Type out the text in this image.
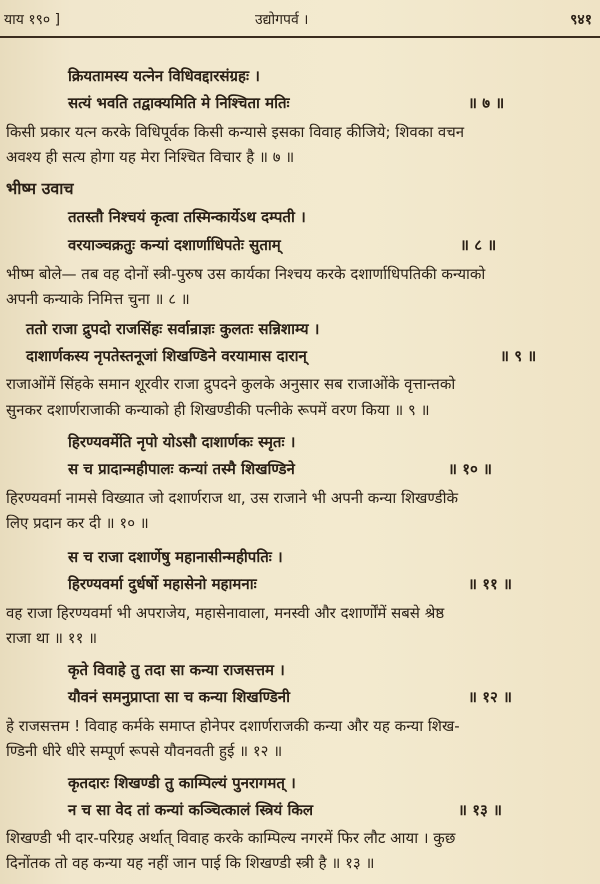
याय १९० ]	उद्योगपर्व ।	९४१
क्रियतामस्य यत्नेन विधिवद्दारसंग्रहः ।
सत्यं भवति तद्वाक्यमिति मे निश्चिता मतिः	॥ ७ ॥
किसी प्रकार यत्न करके विधिपूर्वक किसी कन्यासे इसका विवाह कीजिये; शिवका वचन
अवश्य ही सत्य होगा यह मेरा निश्चित विचार है ॥ ७ ॥
भीष्म उवाच
ततस्तौ निश्चयं कृत्वा तस्मिन्कार्येऽथ दम्पती ।
वरयाञ्चक्रतुः कन्यां दशार्णाधिपतेः सुताम्	॥ ८ ॥
भीष्म बोले— तब वह दोनों स्त्री-पुरुष उस कार्यका निश्चय करके दशार्णाधिपतिकी कन्याको
अपनी कन्याके निमित्त चुना ॥ ८ ॥
ततो राजा द्रुपदो राजसिंहः सर्वान्राज्ञः कुलतः सन्निशाम्य ।
दाशार्णकस्य नृपतेस्तनूजां शिखण्डिने वरयामास दारान्	॥ ९ ॥
राजाओंमें सिंहके समान शूरवीर राजा द्रुपदने कुलके अनुसार सब राजाओंके वृत्तान्तको
सुनकर दशार्णराजाकी कन्याको ही शिखण्डीकी पत्नीके रूपमें वरण किया ॥ ९ ॥
हिरण्यवर्मेति नृपो योऽसौ दाशार्णकः स्मृतः ।
स च प्रादान्महीपालः कन्यां तस्मै शिखण्डिने	॥ १० ॥
हिरण्यवर्मा नामसे विख्यात जो दशार्णराज था, उस राजाने भी अपनी कन्या शिखण्डीके
लिए प्रदान कर दी ॥ १० ॥
स च राजा दशार्णेषु महानासीन्महीपतिः ।
हिरण्यवर्मा दुर्धर्षो महासेनो महामनाः	॥ ११ ॥
वह राजा हिरण्यवर्मा भी अपराजेय, महासेनावाला, मनस्वी और दशार्णोंमें सबसे श्रेष्ठ
राजा था ॥ ११ ॥
कृते विवाहे तु तदा सा कन्या राजसत्तम ।
यौवनं समनुप्राप्ता सा च कन्या शिखण्डिनी	॥ १२ ॥
हे राजसत्तम ! विवाह कर्मके समाप्त होनेपर दशार्णराजकी कन्या और यह कन्या शिख-
ण्डिनी धीरे धीरे सम्पूर्ण रूपसे यौवनवती हुई ॥ १२ ॥
कृतदारः शिखण्डी तु काम्पिल्यं पुनरागमत् ।
न च सा वेद तां कन्यां कञ्चित्कालं स्त्रियं किल	॥ १३ ॥
शिखण्डी भी दार-परिग्रह अर्थात् विवाह करके काम्पिल्य नगरमें फिर लौट आया । कुछ
दिनोंतक तो वह कन्या यह नहीं जान पाई कि शिखण्डी स्त्री है ॥ १३ ॥
